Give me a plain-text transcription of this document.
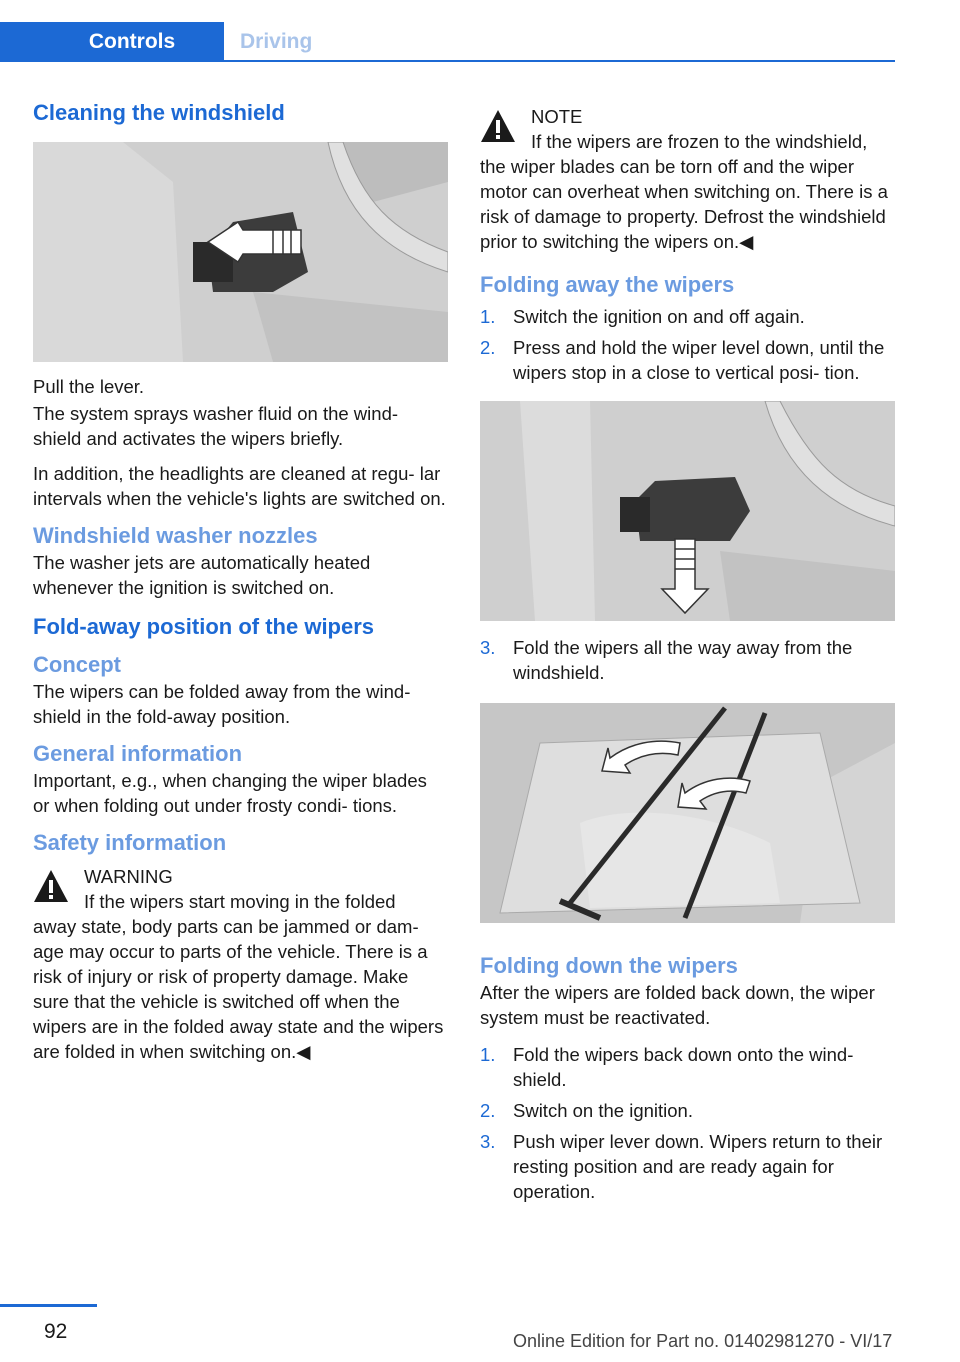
Controls	Driving
Cleaning the windshield

Pull the lever.

The system sprays washer fluid on the wind‐ shield and activates the wipers briefly.

In addition, the headlights are cleaned at regu‐ lar intervals when the vehicle's lights are switched on.

Windshield washer nozzles

The washer jets are automatically heated whenever the ignition is switched on.

Fold-away position of the wipers
Concept

The wipers can be folded away from the wind‐ shield in the fold-away position.

General information

Important, e.g., when changing the wiper blades or when folding out under frosty condi‐ tions.

Safety information
WARNING
If the wipers start moving in the folded

away state, body parts can be jammed or dam‐ age may occur to parts of the vehicle. There is a risk of injury or risk of property damage. Make sure that the vehicle is switched off when the wipers are in the folded away state and the wipers are folded in when switching on.◀

NOTE
If the wipers are frozen to the windshield,

the wiper blades can be torn off and the wiper motor can overheat when switching on. There is a risk of damage to property. Defrost the windshield prior to switching the wipers on.◀

Folding away the wipers
1. Switch the ignition on and off again.
2. Press and hold the wiper level down, until the wipers stop in a close to vertical posi‐ tion.
3. Fold the wipers all the way away from the windshield.
Folding down the wipers

After the wipers are folded back down, the wiper system must be reactivated.

1. Fold the wipers back down onto the wind‐ shield.
2. Switch on the ignition.
3. Push wiper lever down. Wipers return to their resting position and are ready again for operation.
92	Online Edition for Part no. 01402981270 - VI/17
